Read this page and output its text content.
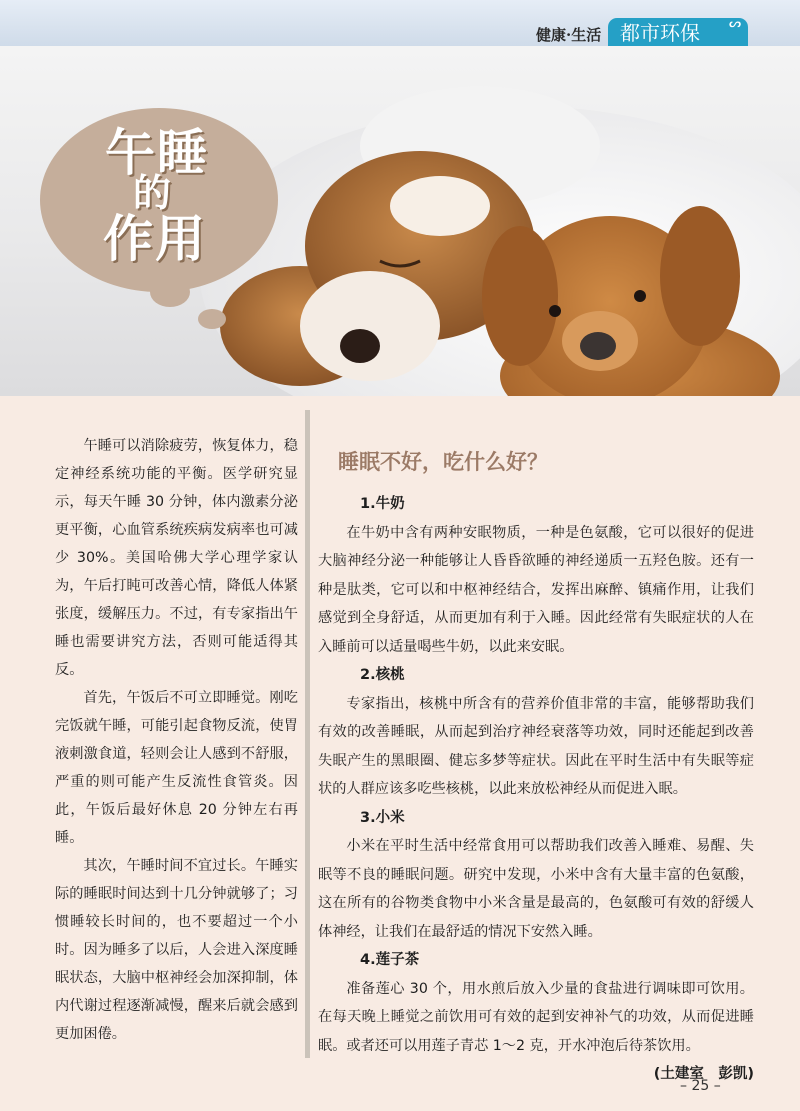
健康·生活 都市环保 ᔥ
午 睡
的
作 用

午睡可以消除疲劳，恢复体力，稳定神经系统功能的平衡。医学研究显示，每天午睡 30 分钟，体内激素分泌更平衡，心血管系统疾病发病率也可减少 30%。美国哈佛大学心理学家认为，午后打盹可改善心情，降低人体紧张度，缓解压力。不过，有专家指出午睡也需要讲究方法，否则可能适得其反。

首先，午饭后不可立即睡觉。刚吃完饭就午睡，可能引起食物反流，使胃液刺激食道，轻则会让人感到不舒服，严重的则可能产生反流性食管炎。因此，午饭后最好休息 20 分钟左右再睡。

其次，午睡时间不宜过长。午睡实际的睡眠时间达到十几分钟就够了；习惯睡较长时间的，也不要超过一个小时。因为睡多了以后，人会进入深度睡眠状态，大脑中枢神经会加深抑制，体内代谢过程逐渐减慢，醒来后就会感到更加困倦。

睡眠不好，吃什么好？
1.牛奶

在牛奶中含有两种安眠物质，一种是色氨酸，它可以很好的促进大脑神经分泌一种能够让人昏昏欲睡的神经递质一五羟色胺。还有一种是肽类，它可以和中枢神经结合，发挥出麻醉、镇痛作用，让我们感觉到全身舒适，从而更加有利于入睡。因此经常有失眠症状的人在入睡前可以适量喝些牛奶，以此来安眠。

2.核桃

专家指出，核桃中所含有的营养价值非常的丰富，能够帮助我们有效的改善睡眠，从而起到治疗神经衰落等功效，同时还能起到改善失眠产生的黑眼圈、健忘多梦等症状。因此在平时生活中有失眠等症状的人群应该多吃些核桃，以此来放松神经从而促进入眠。

3.小米

小米在平时生活中经常食用可以帮助我们改善入睡难、易醒、失眠等不良的睡眠问题。研究中发现，小米中含有大量丰富的色氨酸，这在所有的谷物类食物中小米含量是最高的，色氨酸可有效的舒缓人体神经，让我们在最舒适的情况下安然入睡。

4.莲子茶

准备莲心 30 个，用水煎后放入少量的食盐进行调味即可饮用。在每天晚上睡觉之前饮用可有效的起到安神补气的功效，从而促进睡眠。或者还可以用莲子青芯 1～2 克，开水冲泡后待茶饮用。

(土建室　彭凯)
– 25 –
